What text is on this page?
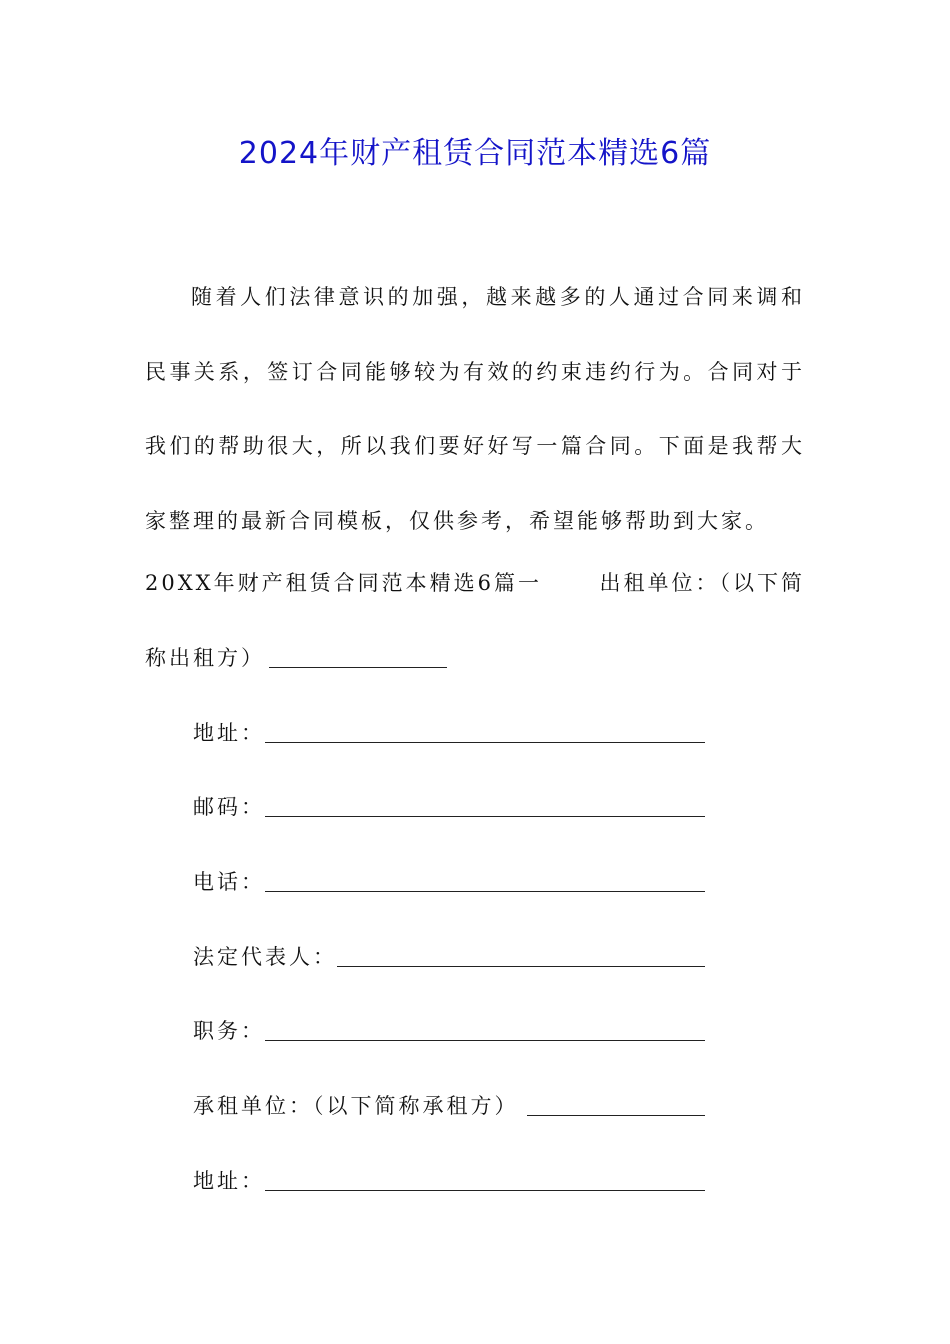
2024年财产租赁合同范本精选6篇

随着人们法律意识的加强，越来越多的人通过合同来调和民事关系，签订合同能够较为有效的约束违约行为。合同对于我们的帮助很大，所以我们要好好写一篇合同。下面是我帮大家整理的最新合同模板，仅供参考，希望能够帮助到大家。

20XX年财产租赁合同范本精选6篇一	出租单位：（以下简
称出租方）
地址：
邮码：
电话：
法定代表人：
职务：
承租单位：（以下简称承租方）
地址：
